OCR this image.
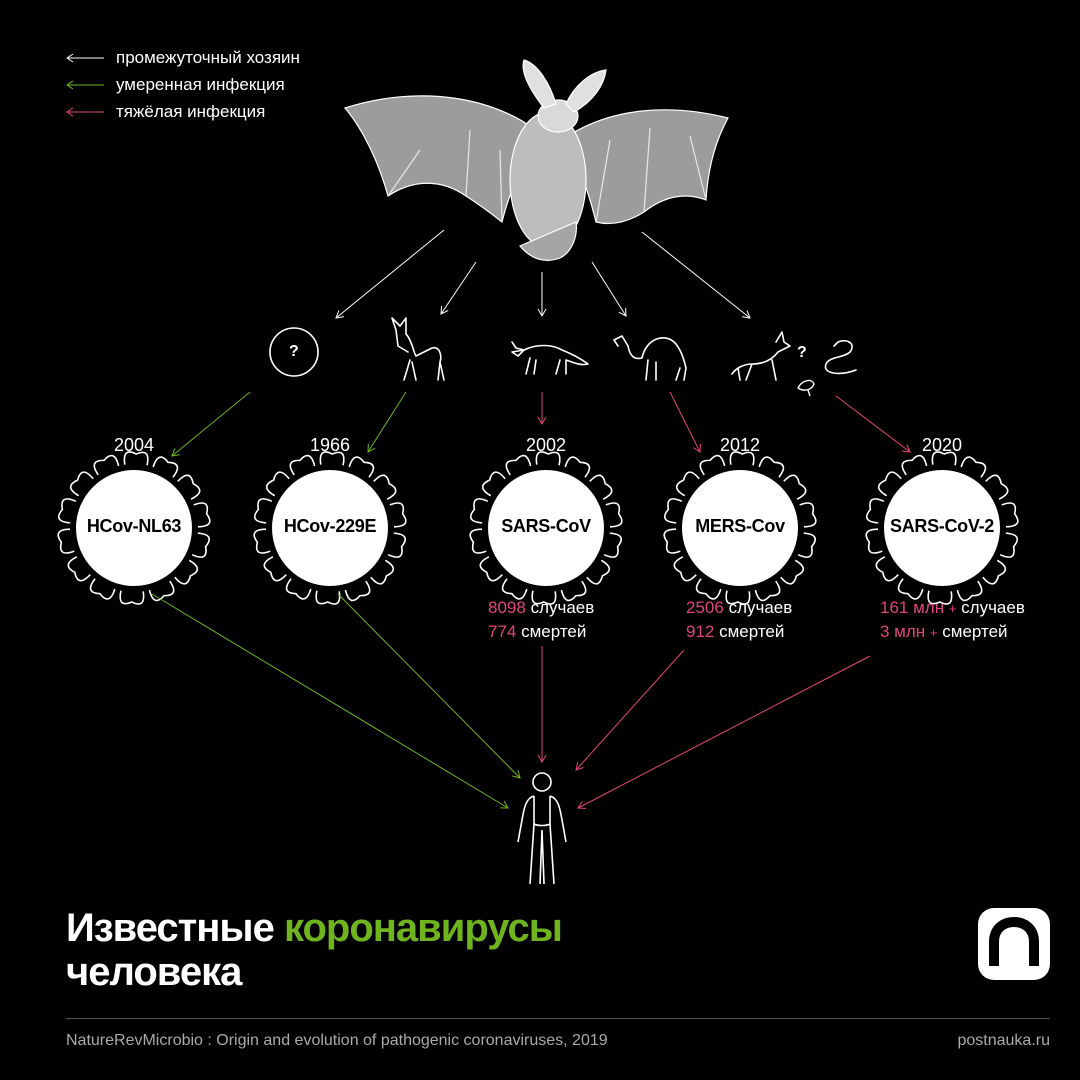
промежуточный хозяин
умеренная инфекция
тяжёлая инфекция
?	?
2004	1966	2002	2012	2020
HCov-NL63	HCov-229E	SARS-CoV	MERS-Cov	SARS-CoV-2
8098 случаев
774 смертей
2506 случаев
912 смертей
161 млн + случаев
3 млн + смертей
Известные коронавирусы
человека
NatureRevMicrobio : Origin and evolution of pathogenic coronaviruses, 2019	postnauka.ru
